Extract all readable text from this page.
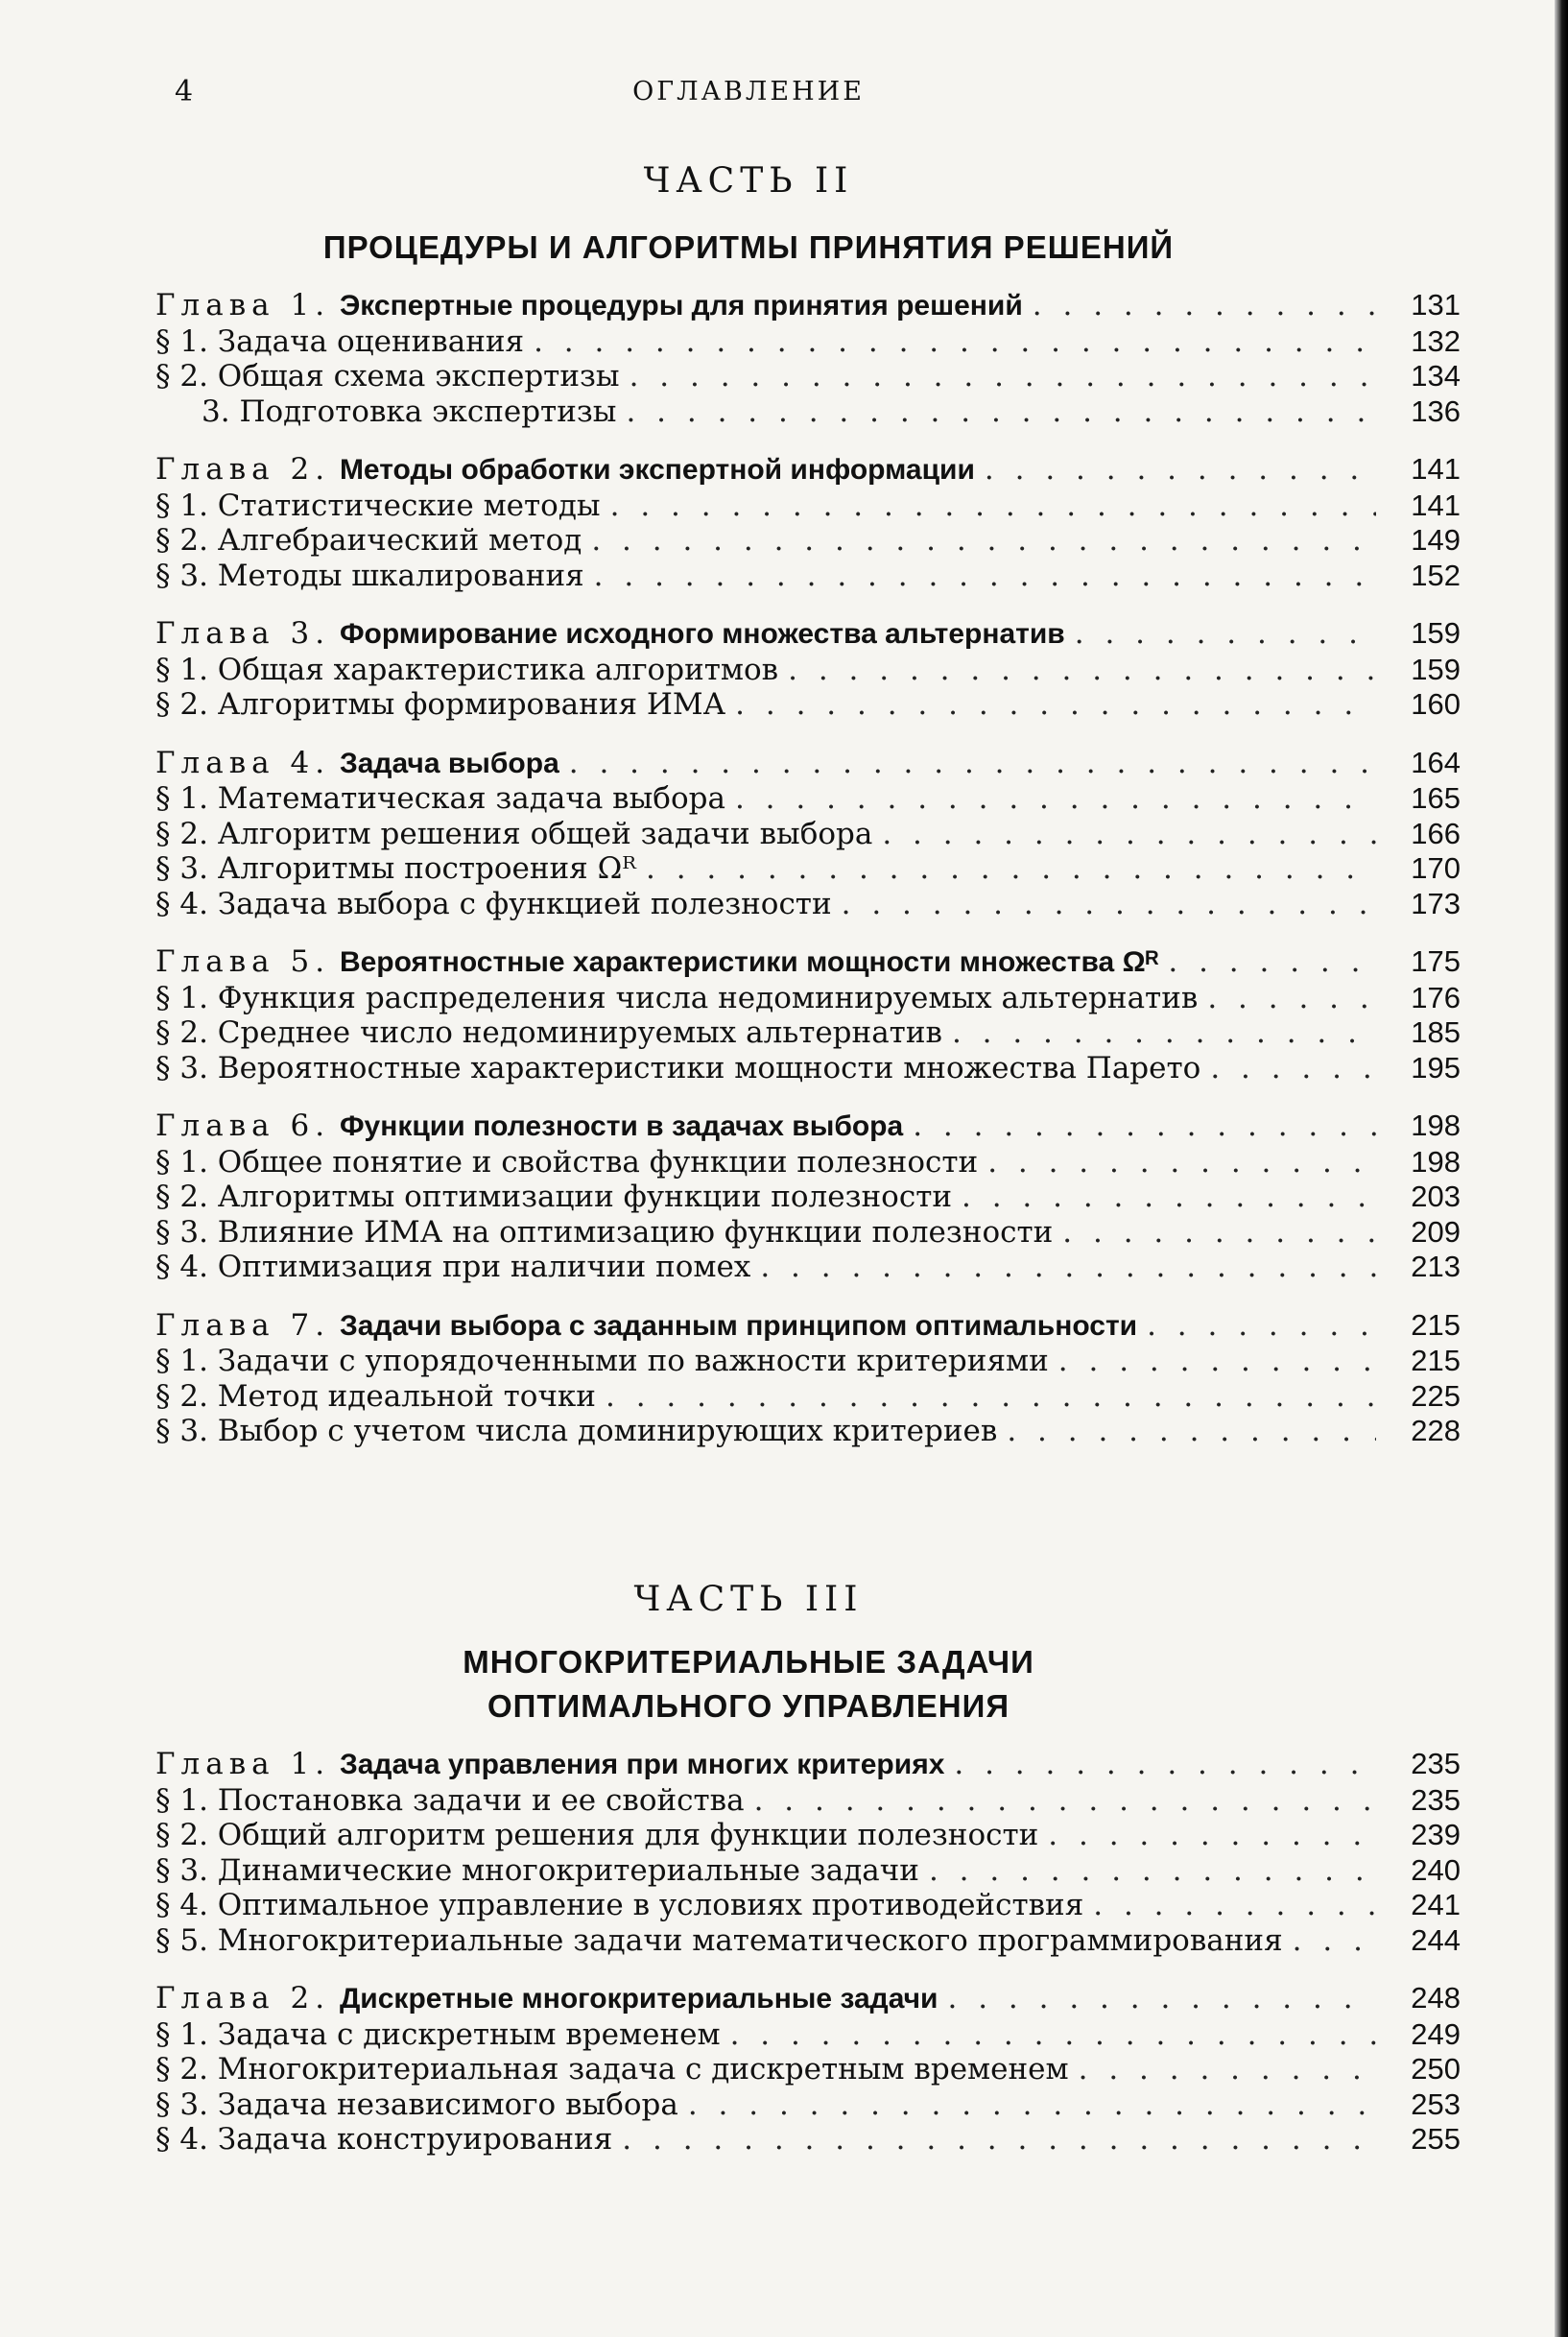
4	ОГЛАВЛЕНИЕ
ЧАСТЬ II
ПРОЦЕДУРЫ И АЛГОРИТМЫ ПРИНЯТИЯ РЕШЕНИЙ
Глава 1. Экспертные процедуры для принятия решений . . .	131
§ 1. Задача оценивания . . .	132
§ 2. Общая схема экспертизы . . .	134
3. Подготовка экспертизы . . .	136
Глава 2. Методы обработки экспертной информации . . .	141
§ 1. Статистические методы . . .	141
§ 2. Алгебраический метод . . .	149
§ 3. Методы шкалирования . . .	152
Глава 3. Формирование исходного множества альтернатив . . .	159
§ 1. Общая характеристика алгоритмов . . .	159
§ 2. Алгоритмы формирования ИМА . . .	160
Глава 4. Задача выбора . . .	164
§ 1. Математическая задача выбора . . .	165
§ 2. Алгоритм решения общей задачи выбора . . .	166
§ 3. Алгоритмы построения Ωᴿ . . .	170
§ 4. Задача выбора с функцией полезности . . .	173
Глава 5. Вероятностные характеристики мощности множества Ωᴿ . . .	175
§ 1. Функция распределения числа недоминируемых альтернатив . . .	176
§ 2. Среднее число недоминируемых альтернатив . . .	185
§ 3. Вероятностные характеристики мощности множества Парето . . .	195
Глава 6. Функции полезности в задачах выбора . . .	198
§ 1. Общее понятие и свойства функции полезности . . .	198
§ 2. Алгоритмы оптимизации функции полезности . . .	203
§ 3. Влияние ИМА на оптимизацию функции полезности . . .	209
§ 4. Оптимизация при наличии помех . . .	213
Глава 7. Задачи выбора с заданным принципом оптимальности . . .	215
§ 1. Задачи с упорядоченными по важности критериями . . .	215
§ 2. Метод идеальной точки . . .	225
§ 3. Выбор с учетом числа доминирующих критериев . . .	228
ЧАСТЬ III
МНОГОКРИТЕРИАЛЬНЫЕ ЗАДАЧИ
ОПТИМАЛЬНОГО УПРАВЛЕНИЯ
Глава 1. Задача управления при многих критериях . . .	235
§ 1. Постановка задачи и ее свойства . . .	235
§ 2. Общий алгоритм решения для функции полезности . . .	239
§ 3. Динамические многокритериальные задачи . . .	240
§ 4. Оптимальное управление в условиях противодействия . . .	241
§ 5. Многокритериальные задачи математического программирования . . .	244
Глава 2. Дискретные многокритериальные задачи . . .	248
§ 1. Задача с дискретным временем . . .	249
§ 2. Многокритериальная задача с дискретным временем . . .	250
§ 3. Задача независимого выбора . . .	253
§ 4. Задача конструирования . . .	255
